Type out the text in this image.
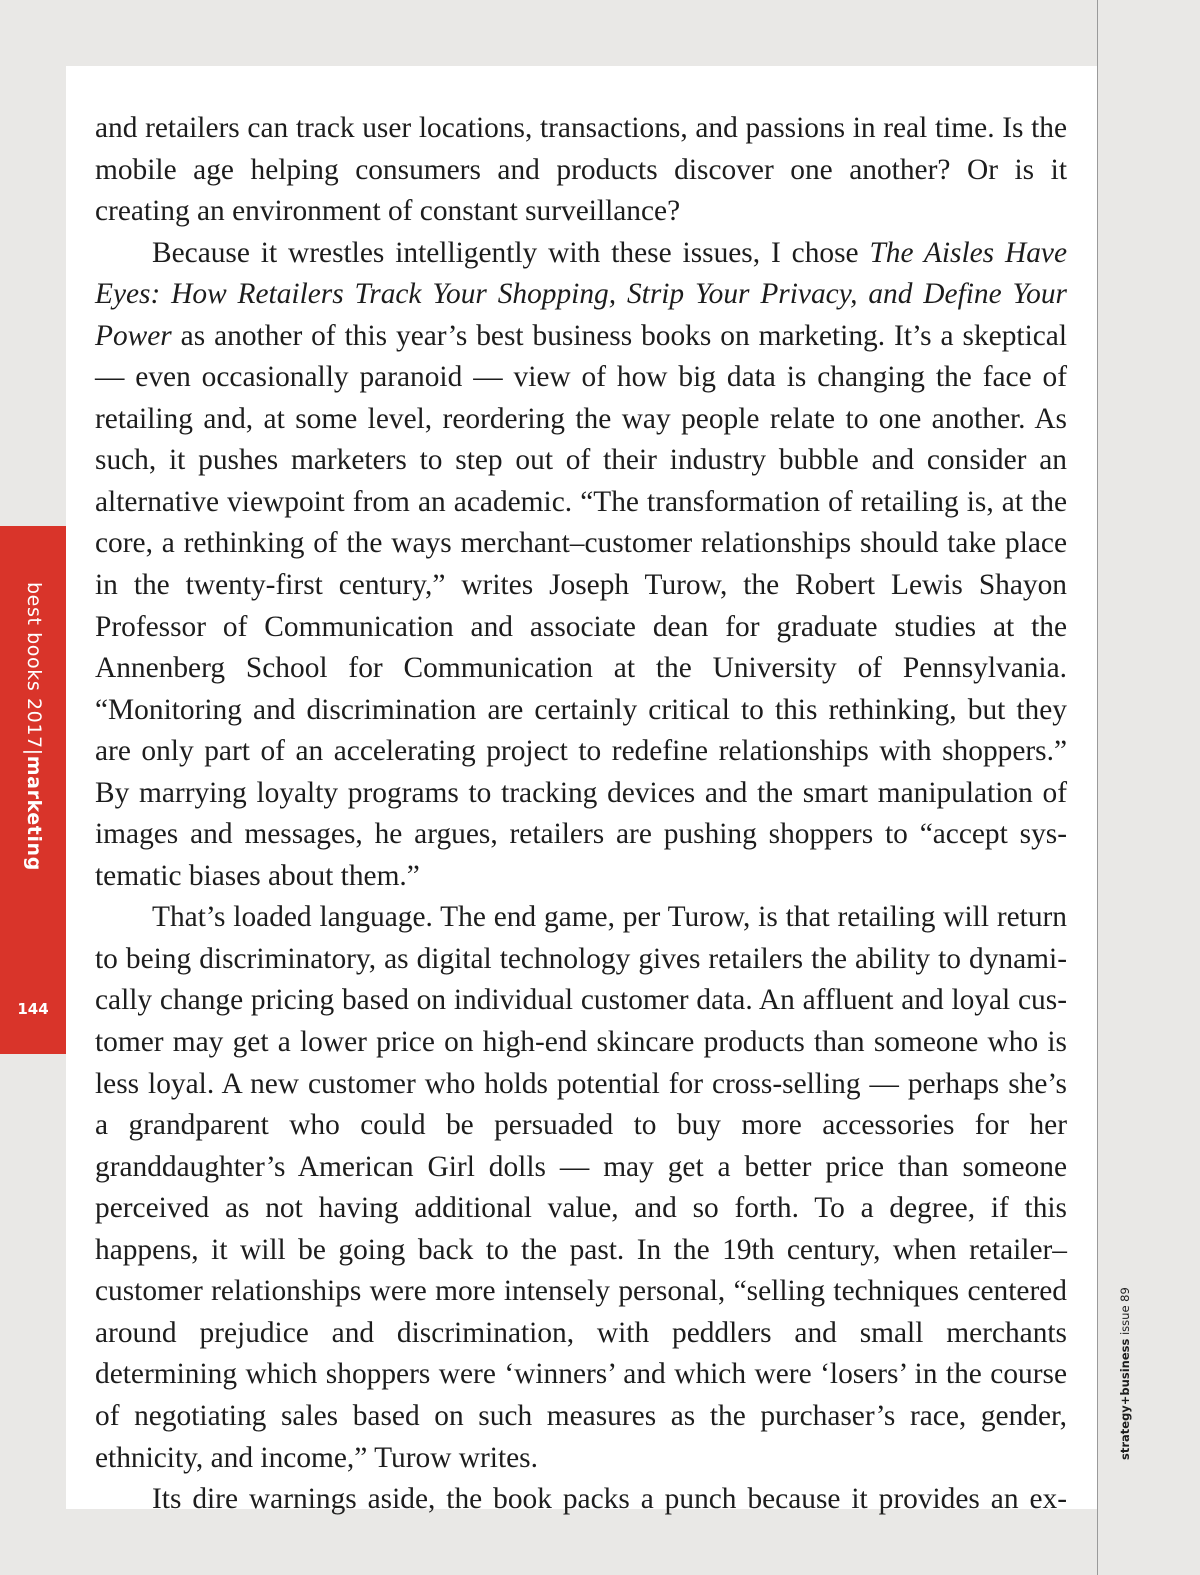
best books 2017|marketing
144

and retailers can track user locations, transactions, and passions in real time. Is the mobile age helping consumers and products discover one another? Or is it creating an environment of constant surveillance?

Because it wrestles intelligently with these issues, I chose The Aisles Have Eyes: How Retailers Track Your Shopping, Strip Your Privacy, and Define Your Power as another of this year’s best business books on marketing. It’s a skeptical — even occasionally paranoid — view of how big data is changing the face of retailing and, at some level, reordering the way people relate to one another. As such, it pushes marketers to step out of their industry bubble and consider an alternative viewpoint from an academic. “The transformation of retailing is, at the core, a rethinking of the ways merchant–customer relationships should take place in the twenty-first century,” writes Joseph Turow, the Robert Lewis Shayon Professor of Communication and associate dean for graduate studies at the Annenberg School for Communication at the University of Pennsylvania. “Monitoring and discrimination are certainly critical to this rethinking, but they are only part of an accelerating project to redefine relationships with shoppers.” By marrying loyalty programs to tracking devices and the smart manipulation of images and messages, he argues, retailers are pushing shoppers to “accept systematic biases about them.”

That’s loaded language. The end game, per Turow, is that retailing will return to being discriminatory, as digital technology gives retailers the ability to dynamically change pricing based on individual customer data. An affluent and loyal customer may get a lower price on high-end skincare products than someone who is less loyal. A new customer who holds potential for cross-selling — perhaps she’s a grandparent who could be persuaded to buy more accessories for her granddaughter’s American Girl dolls — may get a better price than someone perceived as not having additional value, and so forth. To a degree, if this happens, it will be going back to the past. In the 19th century, when retailer–customer relationships were more intensely personal, “selling techniques centered around prejudice and discrimination, with peddlers and small merchants determining which shoppers were ‘winners’ and which were ‘losers’ in the course of negotiating sales based on such measures as the purchaser’s race, gender, ethnicity, and income,” Turow writes.

Its dire warnings aside, the book packs a punch because it provides an ex-

strategy+business issue 89
